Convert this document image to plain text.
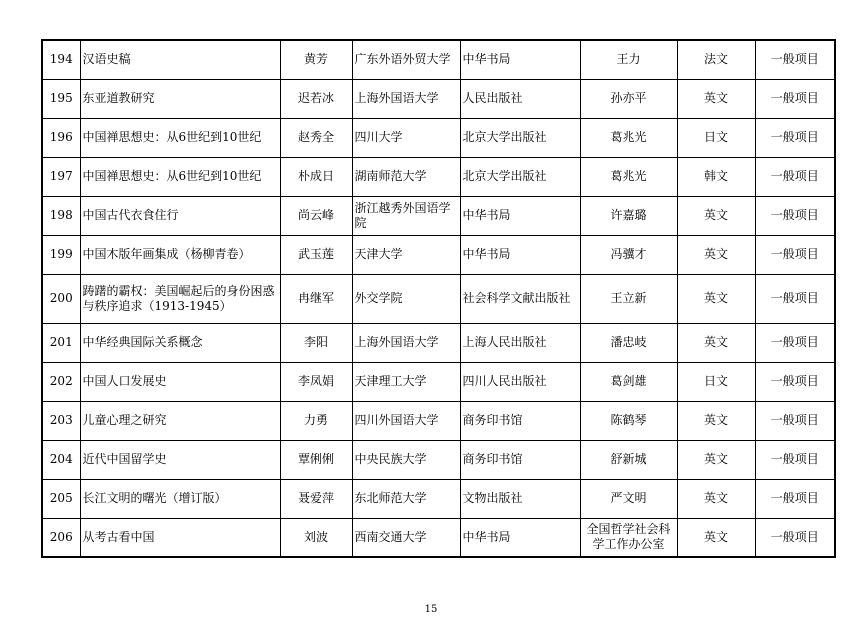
194	汉语史稿	黄芳	广东外语外贸大学	中华书局	王力	法文	一般项目
195	东亚道教研究	迟若冰	上海外国语大学	人民出版社	孙亦平	英文	一般项目
196	中国禅思想史：从6世纪到10世纪	赵秀全	四川大学	北京大学出版社	葛兆光	日文	一般项目
197	中国禅思想史：从6世纪到10世纪	朴成日	湖南师范大学	北京大学出版社	葛兆光	韩文	一般项目
198	中国古代衣食住行	尚云峰	浙江越秀外国语学院	中华书局	许嘉璐	英文	一般项目
199	中国木版年画集成（杨柳青卷）	武玉莲	天津大学	中华书局	冯骥才	英文	一般项目
200	踌躇的霸权：美国崛起后的身份困惑与秩序追求（1913-1945）	冉继军	外交学院	社会科学文献出版社	王立新	英文	一般项目
201	中华经典国际关系概念	李阳	上海外国语大学	上海人民出版社	潘忠岐	英文	一般项目
202	中国人口发展史	李凤娟	天津理工大学	四川人民出版社	葛剑雄	日文	一般项目
203	儿童心理之研究	力勇	四川外国语大学	商务印书馆	陈鹤琴	英文	一般项目
204	近代中国留学史	覃俐俐	中央民族大学	商务印书馆	舒新城	英文	一般项目
205	长江文明的曙光（增订版）	聂爱萍	东北师范大学	文物出版社	严文明	英文	一般项目
206	从考古看中国	刘波	西南交通大学	中华书局	全国哲学社会科学工作办公室	英文	一般项目
15
